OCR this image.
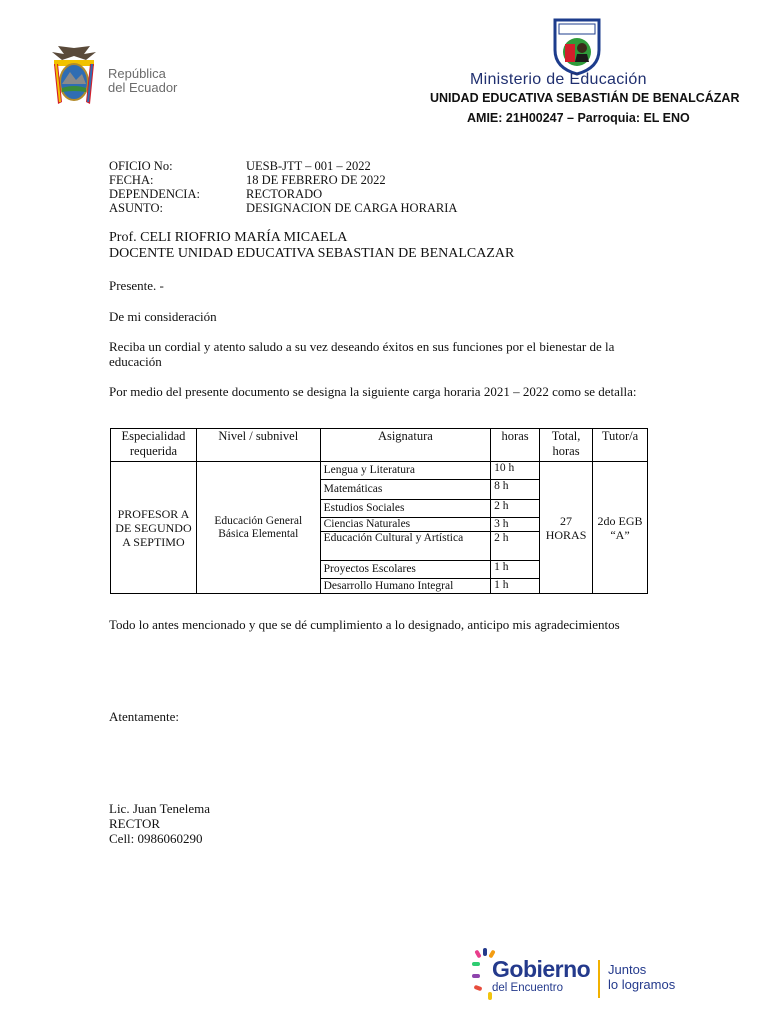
República
del Ecuador	Ministerio de Educación
UNIDAD EDUCATIVA SEBASTIÁN DE BENALCÁZAR
AMIE: 21H00247 – Parroquia: EL ENO
OFICIO No:	UESB-JTT – 001 – 2022
FECHA:	18 DE FEBRERO DE 2022
DEPENDENCIA:	RECTORADO
ASUNTO:	DESIGNACION DE CARGA HORARIA
Prof. CELI RIOFRIO MARÍA MICAELA
DOCENTE UNIDAD EDUCATIVA SEBASTIAN DE BENALCAZAR
Presente. -
De mi consideración
Reciba un cordial y atento saludo a su vez deseando éxitos en sus funciones por el bienestar de la educación
Por medio del presente documento se designa la siguiente carga horaria 2021 – 2022 como se detalla:
Especialidad requerida	Nivel / subnivel	Asignatura	horas	Total, horas	Tutor/a
PROFESOR A DE SEGUNDO A SEPTIMO	Educación General Básica Elemental	Lengua y Literatura	10 h	27 HORAS	2do EGB “A”
		Matemáticas	8 h		
		Estudios Sociales	2 h		
		Ciencias Naturales	3 h		
		Educación Cultural y Artística	2 h		
		Proyectos Escolares	1 h		
		Desarrollo Humano Integral	1 h		
Todo lo antes mencionado y que se dé cumplimiento a lo designado, anticipo mis agradecimientos
Atentamente:
Lic. Juan Tenelema
RECTOR
Cell: 0986060290
Gobierno
del Encuentro
Juntos
lo logramos
